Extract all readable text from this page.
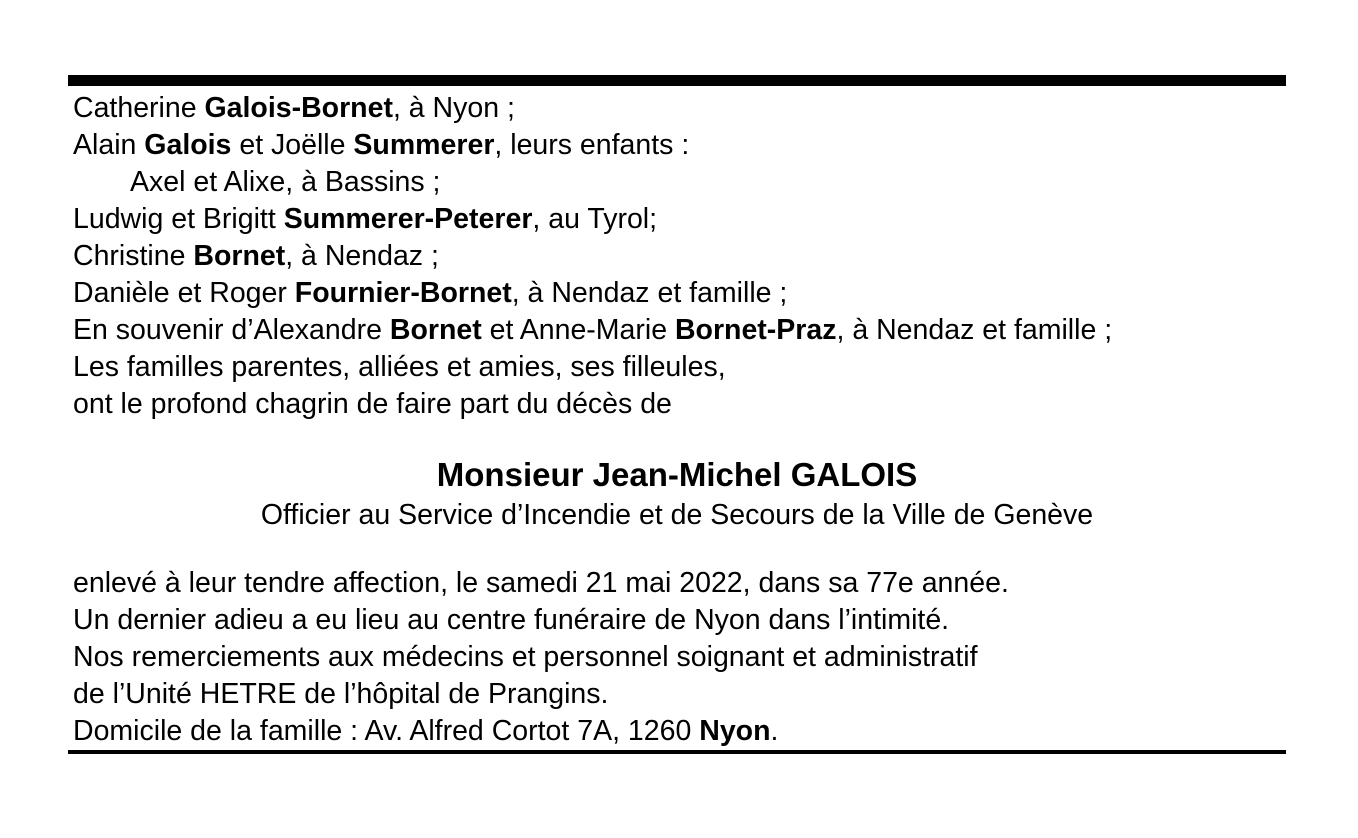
Catherine Galois-Bornet, à Nyon ;

Alain Galois et Joëlle Summerer, leurs enfants :

Axel et Alixe, à Bassins ;

Ludwig et Brigitt Summerer-Peterer, au Tyrol;

Christine Bornet, à Nendaz ;

Danièle et Roger Fournier-Bornet, à Nendaz et famille ;

En souvenir d’Alexandre Bornet et Anne-Marie Bornet-Praz, à Nendaz et famille ;

Les familles parentes, alliées et amies, ses filleules,

ont le profond chagrin de faire part du décès de

Monsieur Jean-Michel GALOIS

Officier au Service d’Incendie et de Secours de la Ville de Genève

enlevé à leur tendre affection, le samedi 21 mai 2022, dans sa 77e année.

Un dernier adieu a eu lieu au centre funéraire de Nyon dans l’intimité.

Nos remerciements aux médecins et personnel soignant et administratif

de l’Unité HETRE de l’hôpital de Prangins.

Domicile de la famille : Av. Alfred Cortot 7A, 1260 Nyon.
